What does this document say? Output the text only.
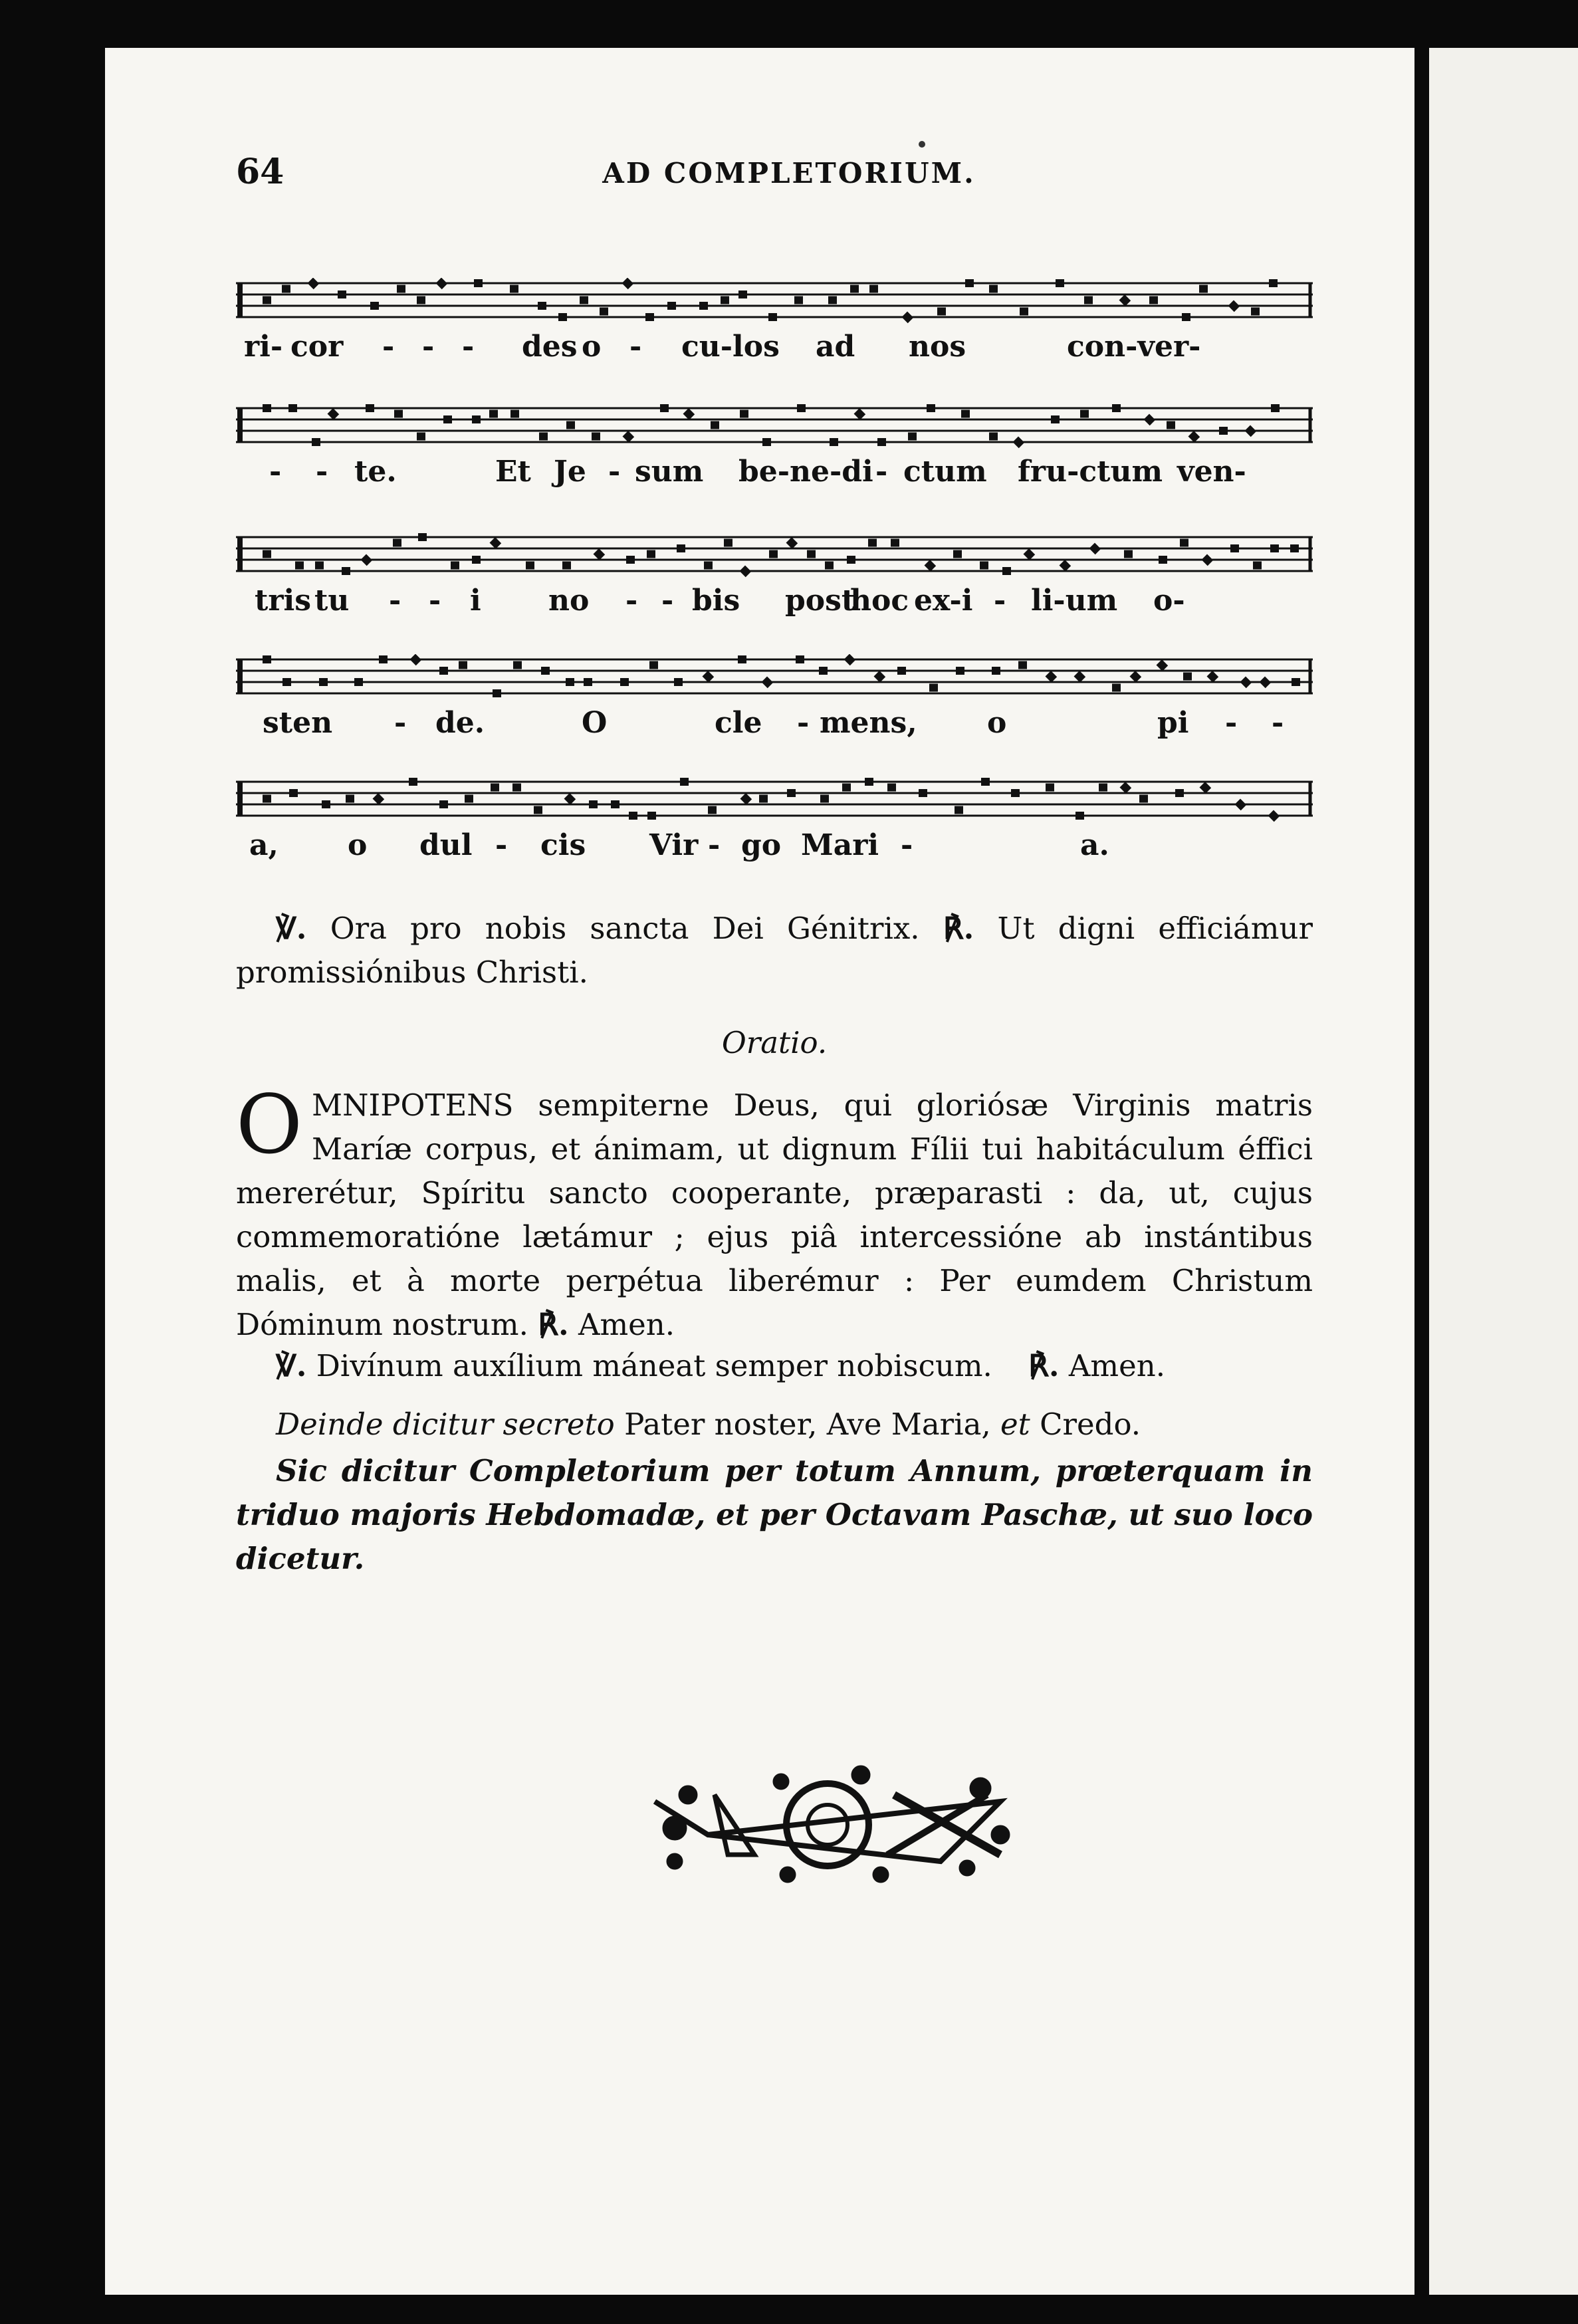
64	AD COMPLETORIUM.
ri- cor - - - des o - cu-los ad nos	con-ver-
- - te.	Et Je - sum be-ne-di - ctum fru-ctum ven-
tris tu - - i no - - bis post
hoc ex-i - li-um o-
sten - de.	O	cle - mens, o	pi - -
a, o dul - cis Vir - go Mari -	a.
℣. Ora pro nobis sancta Dei Génitrix. ℟. Ut digni efficiámur promissiónibus Christi.
Oratio.
OMNIPOTENS sempiterne Deus, qui gloriósæ Virginis matris Maríæ corpus, et ánimam, ut dignum Fílii tui habitáculum éffici mererétur, Spíritu sancto cooperante, præparasti : da, ut, cujus commemoratióne lætámur ; ejus piâ intercessióne ab instántibus malis, et à morte perpétua liberémur : Per eumdem Christum Dóminum nostrum. ℟. Amen.
℣. Divínum auxílium máneat semper nobiscum. ℟. Amen.
Deinde dicitur secreto Pater noster, Ave Maria, et Credo.
Sic dicitur Completorium per totum Annum, prœterquam in triduo majoris Hebdomadæ, et per Octavam Paschæ, ut suo loco dicetur.
